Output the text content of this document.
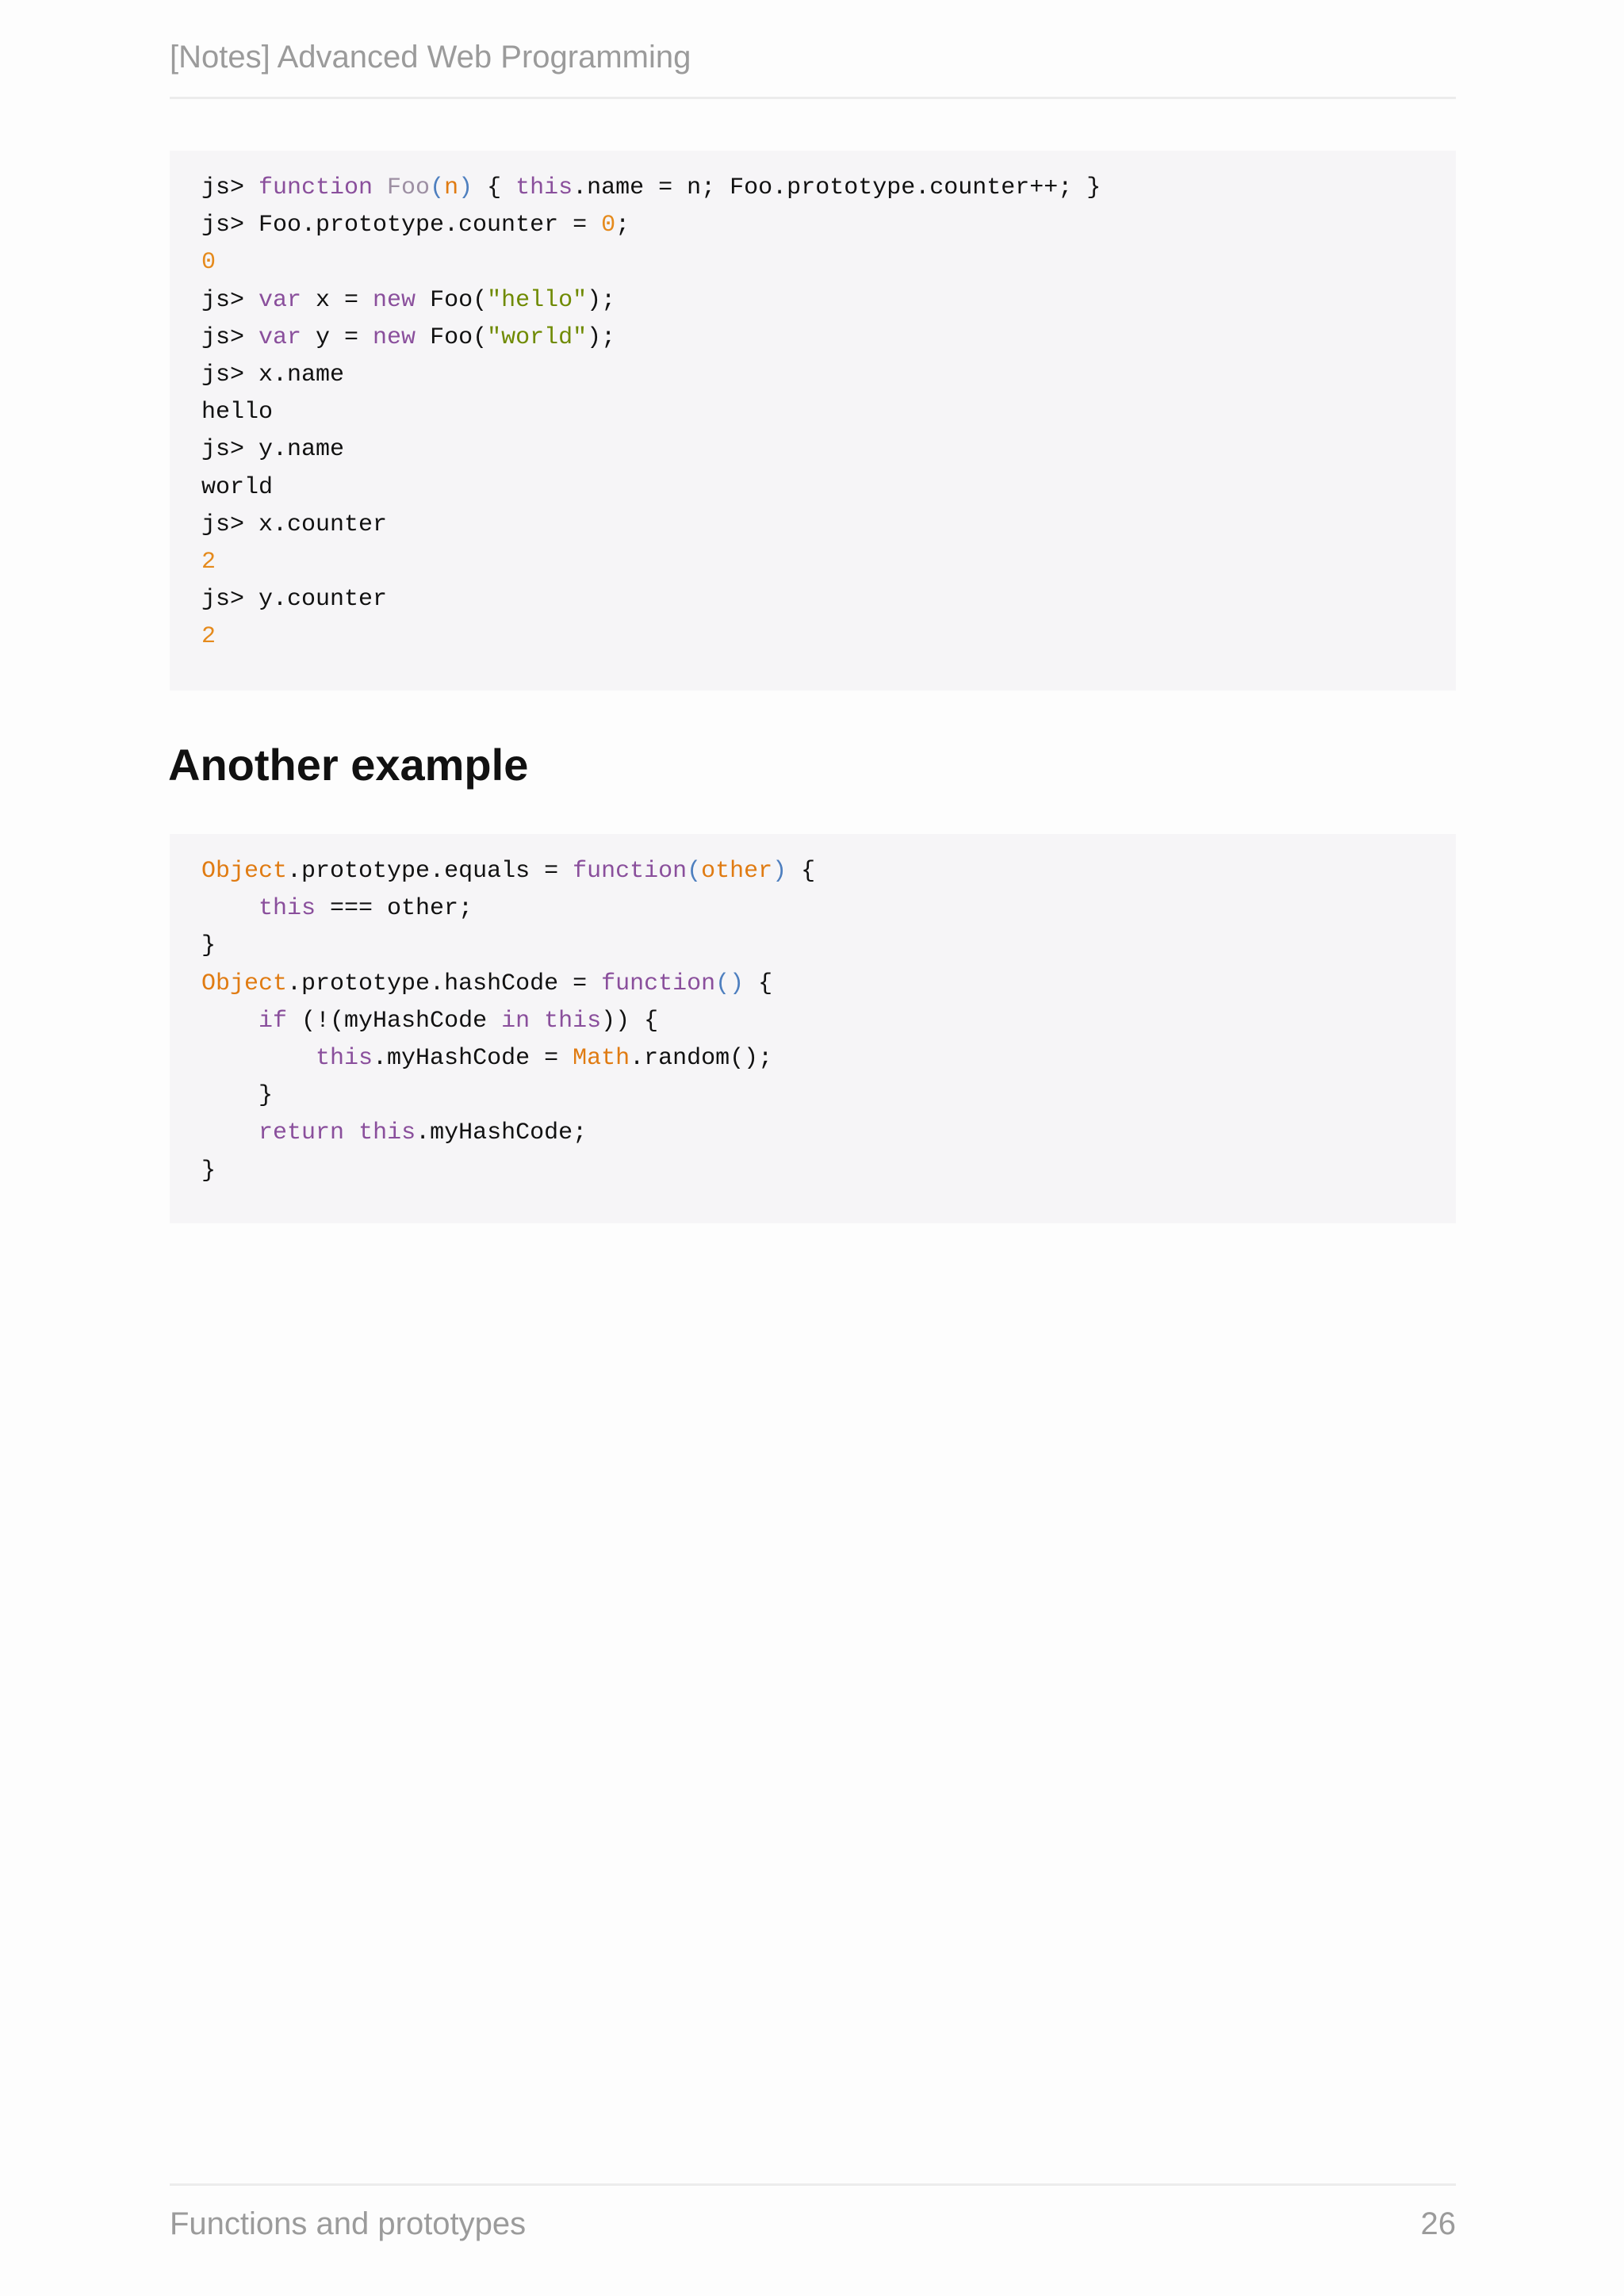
[Notes] Advanced Web Programming
js> function Foo(n) { this.name = n; Foo.prototype.counter++; }
js> Foo.prototype.counter = 0;
0
js> var x = new Foo("hello");
js> var y = new Foo("world");
js> x.name
hello
js> y.name
world
js> x.counter
2
js> y.counter
2
Another example
Object.prototype.equals = function(other) {
this === other;
}
Object.prototype.hashCode = function() {
if (!(myHashCode in this)) {
this.myHashCode = Math.random();
}
return this.myHashCode;
}
Functions and prototypes	26
